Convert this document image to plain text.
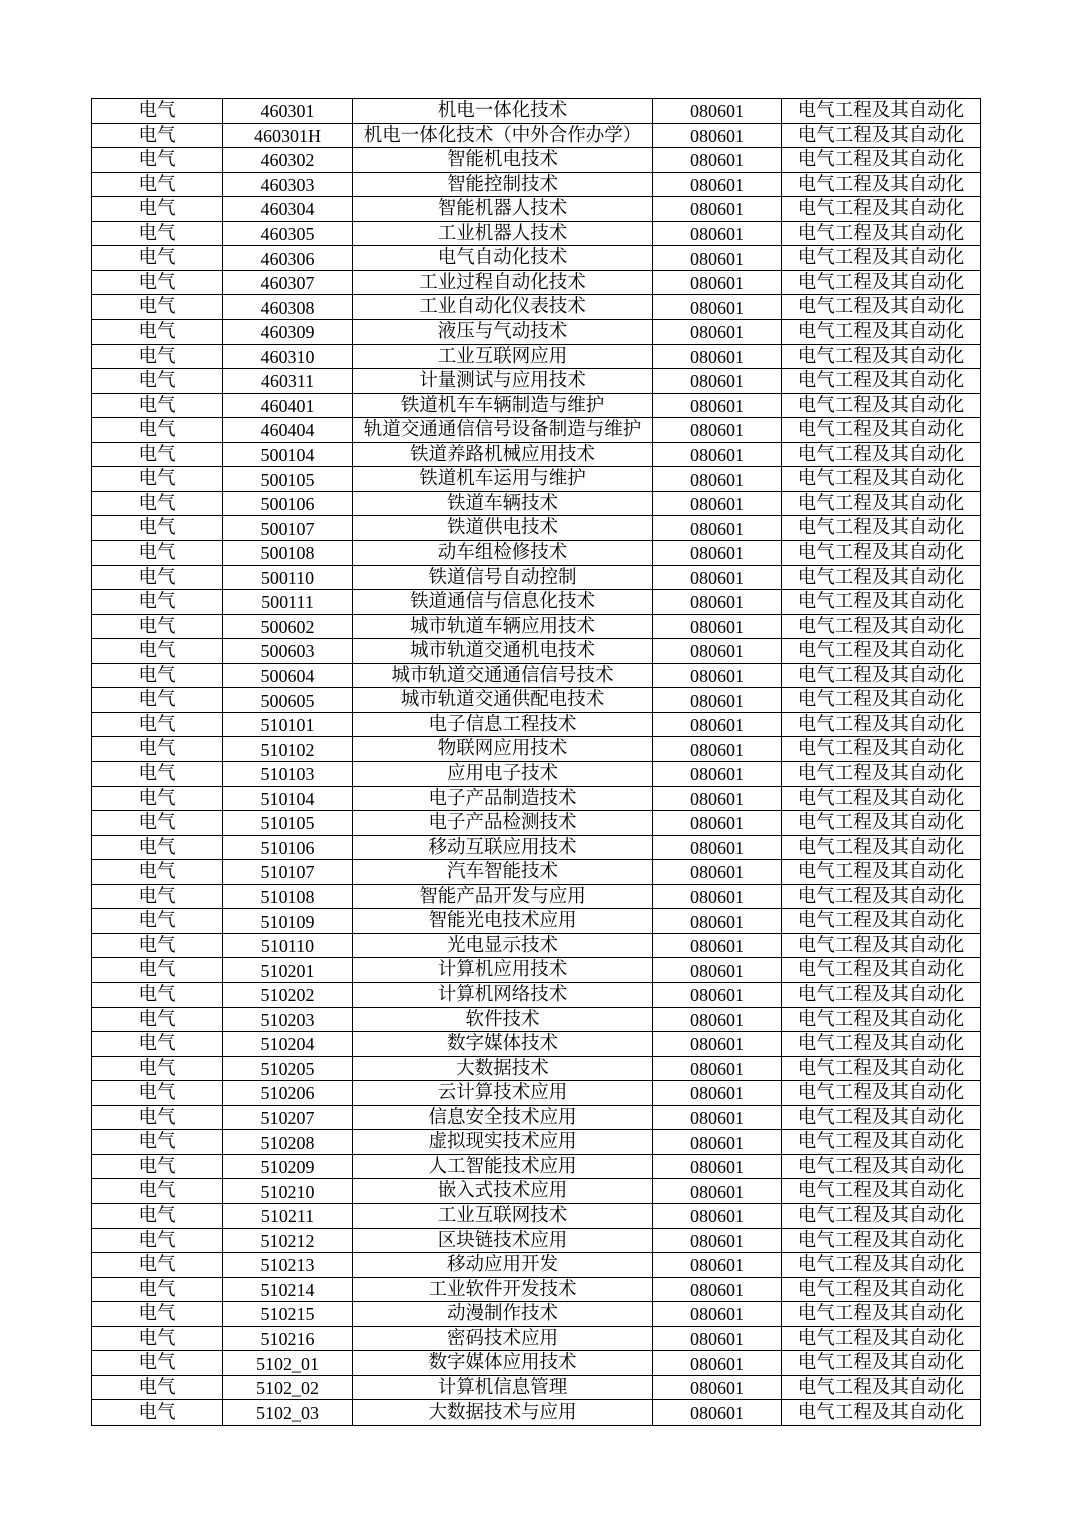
电气	460301	机电一体化技术	080601	电气工程及其自动化
电气	460301H	机电一体化技术（中外合作办学）	080601	电气工程及其自动化
电气	460302	智能机电技术	080601	电气工程及其自动化
电气	460303	智能控制技术	080601	电气工程及其自动化
电气	460304	智能机器人技术	080601	电气工程及其自动化
电气	460305	工业机器人技术	080601	电气工程及其自动化
电气	460306	电气自动化技术	080601	电气工程及其自动化
电气	460307	工业过程自动化技术	080601	电气工程及其自动化
电气	460308	工业自动化仪表技术	080601	电气工程及其自动化
电气	460309	液压与气动技术	080601	电气工程及其自动化
电气	460310	工业互联网应用	080601	电气工程及其自动化
电气	460311	计量测试与应用技术	080601	电气工程及其自动化
电气	460401	铁道机车车辆制造与维护	080601	电气工程及其自动化
电气	460404	轨道交通通信信号设备制造与维护	080601	电气工程及其自动化
电气	500104	铁道养路机械应用技术	080601	电气工程及其自动化
电气	500105	铁道机车运用与维护	080601	电气工程及其自动化
电气	500106	铁道车辆技术	080601	电气工程及其自动化
电气	500107	铁道供电技术	080601	电气工程及其自动化
电气	500108	动车组检修技术	080601	电气工程及其自动化
电气	500110	铁道信号自动控制	080601	电气工程及其自动化
电气	500111	铁道通信与信息化技术	080601	电气工程及其自动化
电气	500602	城市轨道车辆应用技术	080601	电气工程及其自动化
电气	500603	城市轨道交通机电技术	080601	电气工程及其自动化
电气	500604	城市轨道交通通信信号技术	080601	电气工程及其自动化
电气	500605	城市轨道交通供配电技术	080601	电气工程及其自动化
电气	510101	电子信息工程技术	080601	电气工程及其自动化
电气	510102	物联网应用技术	080601	电气工程及其自动化
电气	510103	应用电子技术	080601	电气工程及其自动化
电气	510104	电子产品制造技术	080601	电气工程及其自动化
电气	510105	电子产品检测技术	080601	电气工程及其自动化
电气	510106	移动互联应用技术	080601	电气工程及其自动化
电气	510107	汽车智能技术	080601	电气工程及其自动化
电气	510108	智能产品开发与应用	080601	电气工程及其自动化
电气	510109	智能光电技术应用	080601	电气工程及其自动化
电气	510110	光电显示技术	080601	电气工程及其自动化
电气	510201	计算机应用技术	080601	电气工程及其自动化
电气	510202	计算机网络技术	080601	电气工程及其自动化
电气	510203	软件技术	080601	电气工程及其自动化
电气	510204	数字媒体技术	080601	电气工程及其自动化
电气	510205	大数据技术	080601	电气工程及其自动化
电气	510206	云计算技术应用	080601	电气工程及其自动化
电气	510207	信息安全技术应用	080601	电气工程及其自动化
电气	510208	虚拟现实技术应用	080601	电气工程及其自动化
电气	510209	人工智能技术应用	080601	电气工程及其自动化
电气	510210	嵌入式技术应用	080601	电气工程及其自动化
电气	510211	工业互联网技术	080601	电气工程及其自动化
电气	510212	区块链技术应用	080601	电气工程及其自动化
电气	510213	移动应用开发	080601	电气工程及其自动化
电气	510214	工业软件开发技术	080601	电气工程及其自动化
电气	510215	动漫制作技术	080601	电气工程及其自动化
电气	510216	密码技术应用	080601	电气工程及其自动化
电气	5102_01	数字媒体应用技术	080601	电气工程及其自动化
电气	5102_02	计算机信息管理	080601	电气工程及其自动化
电气	5102_03	大数据技术与应用	080601	电气工程及其自动化
